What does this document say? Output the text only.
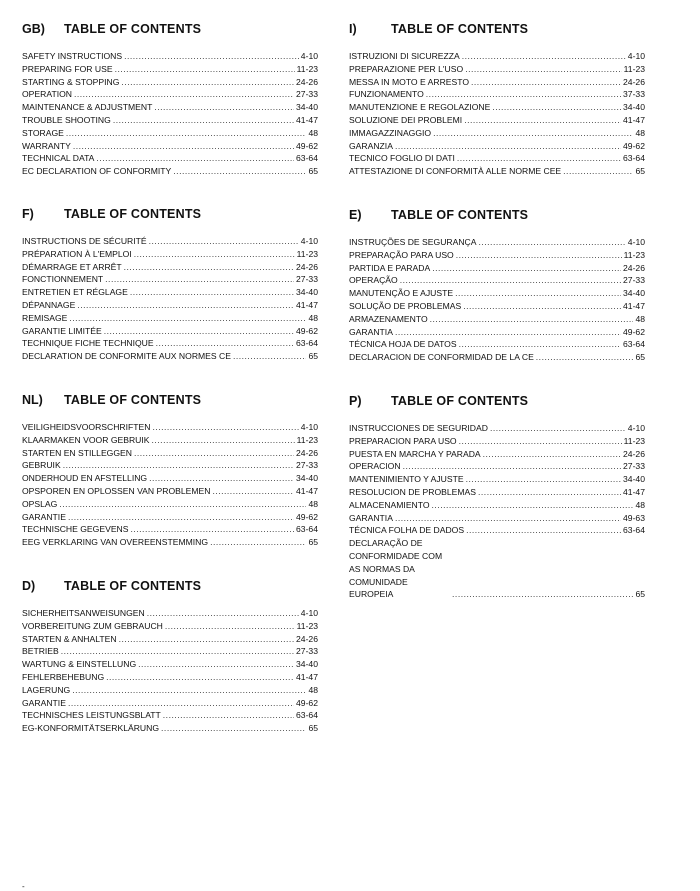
GB)	TABLE OF CONTENTS
SAFETY INSTRUCTIONS .....	4-10
PREPARING FOR USE .....	11-23
STARTING & STOPPING .....	24-26
OPERATION .....	27-33
MAINTENANCE & ADJUSTMENT .....	34-40
TROUBLE SHOOTING .....	41-47
STORAGE .....	48
WARRANTY .....	49-62
TECHNICAL DATA .....	63-64
EC DECLARATION OF CONFORMITY .....	65
I)	TABLE OF CONTENTS
ISTRUZIONI DI SICUREZZA .....	4-10
PREPARAZIONE PER L'USO .....	11-23
MESSA IN MOTO E ARRESTO .....	24-26
FUNZIONAMENTO .....	37-33
MANUTENZIONE E REGOLAZIONE .....	34-40
SOLUZIONE DEI PROBLEMI .....	41-47
IMMAGAZZINAGGIO .....	48
GARANZIA .....	49-62
TECNICO FOGLIO DI DATI .....	63-64
ATTESTAZIONE DI CONFORMITÀ ALLE NORME CEE .....	65
F)	TABLE OF CONTENTS
INSTRUCTIONS DE SÉCURITÉ .....	4-10
PRÉPARATION À L'EMPLOI .....	11-23
DÉMARRAGE ET ARRÊT .....	24-26
FONCTIONNEMENT .....	27-33
ENTRETIEN ET RÉGLAGE .....	34-40
DÉPANNAGE .....	41-47
REMISAGE .....	48
GARANTIE LIMITÉE .....	49-62
TECHNIQUE FICHE TECHNIQUE .....	63-64
DECLARATION DE CONFORMITE AUX NORMES CE .....	65
E)	TABLE OF CONTENTS
INSTRUÇÕES DE SEGURANÇA .....	4-10
PREPARAÇÃO PARA USO .....	11-23
PARTIDA E PARADA .....	24-26
OPERAÇÃO .....	27-33
MANUTENÇÃO E AJUSTE .....	34-40
SOLUÇÃO DE PROBLEMAS .....	41-47
ARMAZENAMENTO .....	48
GARANTIA .....	49-62
TÉCNICA HOJA DE DATOS .....	63-64
DECLARACION DE CONFORMIDAD DE LA CE .....	65
NL)	TABLE OF CONTENTS
VEILIGHEIDSVOORSCHRIFTEN .....	4-10
KLAARMAKEN VOOR GEBRUIK .....	11-23
STARTEN EN STILLEGGEN .....	24-26
GEBRUIK .....	27-33
ONDERHOUD EN AFSTELLING .....	34-40
OPSPOREN EN OPLOSSEN VAN PROBLEMEN .....	41-47
OPSLAG .....	48
GARANTIE .....	49-62
TECHNISCHE GEGEVENS .....	63-64
EEG VERKLARING VAN OVEREENSTEMMING .....	65
P)	TABLE OF CONTENTS
INSTRUCCIONES DE SEGURIDAD .....	4-10
PREPARACION PARA USO .....	11-23
PUESTA EN MARCHA Y PARADA .....	24-26
OPERACION .....	27-33
MANTENIMIENTO Y AJUSTE .....	34-40
RESOLUCION DE PROBLEMAS .....	41-47
ALMACENAMIENTO .....	48
GARANTIA .....	49-63
TÉCNICA FOLHA DE DADOS .....	63-64
DECLARAÇÃO DE CONFORMIDADE COM AS NORMAS DA COMUNIDADE EUROPEIA .....	65
D)	TABLE OF CONTENTS
SICHERHEITSANWEISUNGEN .....	4-10
VORBEREITUNG ZUM GEBRAUCH .....	11-23
STARTEN & ANHALTEN .....	24-26
BETRIEB .....	27-33
WARTUNG & EINSTELLUNG .....	34-40
FEHLERBEHEBUNG .....	41-47
LAGERUNG .....	48
GARANTIE .....	49-62
TECHNISCHES LEISTUNGSBLATT .....	63-64
EG-KONFORMITÄTSERKLÄRUNG .....	65
-
